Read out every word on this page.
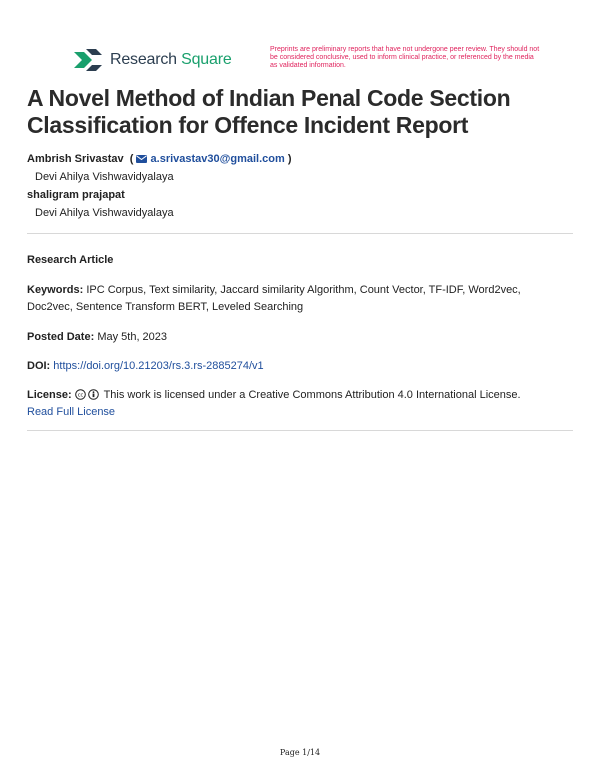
Research Square
Preprints are preliminary reports that have not undergone peer review. They should not be considered conclusive, used to inform clinical practice, or referenced by the media as validated information.
A Novel Method of Indian Penal Code Section Classification for Offence Incident Report
Ambrish Srivastav  ( a.srivastav30@gmail.com )
Devi Ahilya Vishwavidyalaya
shaligram prajapat
Devi Ahilya Vishwavidyalaya
Research Article
Keywords: IPC Corpus, Text similarity, Jaccard similarity Algorithm, Count Vector, TF-IDF, Word2vec, Doc2vec, Sentence Transform BERT, Leveled Searching
Posted Date: May 5th, 2023
DOI: https://doi.org/10.21203/rs.3.rs-2885274/v1
License: cc This work is licensed under a Creative Commons Attribution 4.0 International License.
Read Full License
Page 1/14
